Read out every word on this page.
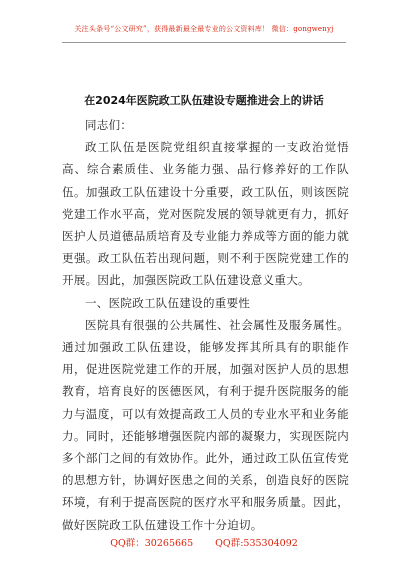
关注头条号“公文研究”，获得最新最全最专业的公文资料库！ 微信：gongwenyj
在2024年医院政工队伍建设专题推进会上的讲话

同志们：

政工队伍是医院党组织直接掌握的一支政治觉悟高、综合素质佳、业务能力强、品行修养好的工作队伍。加强政工队伍建设十分重要，政工队伍，则该医院党建工作水平高，党对医院发展的领导就更有力，抓好医护人员道德品质培育及专业能力养成等方面的能力就更强。政工队伍若出现问题，则不利于医院党建工作的开展。因此，加强医院政工队伍建设意义重大。

一、医院政工队伍建设的重要性

医院具有很强的公共属性、社会属性及服务属性。通过加强政工队伍建设，能够发挥其所具有的职能作用，促进医院党建工作的开展，加强对医护人员的思想教育，培育良好的医德医风，有利于提升医院服务的能力与温度，可以有效提高政工人员的专业水平和业务能力。同时，还能够增强医院内部的凝聚力，实现医院内多个部门之间的有效协作。此外，通过政工队伍宣传党的思想方针，协调好医患之间的关系，创造良好的医院环境，有利于提高医院的医疗水平和服务质量。因此，做好医院政工队伍建设工作十分迫切。

QQ群：30265665 QQ群:535304092
